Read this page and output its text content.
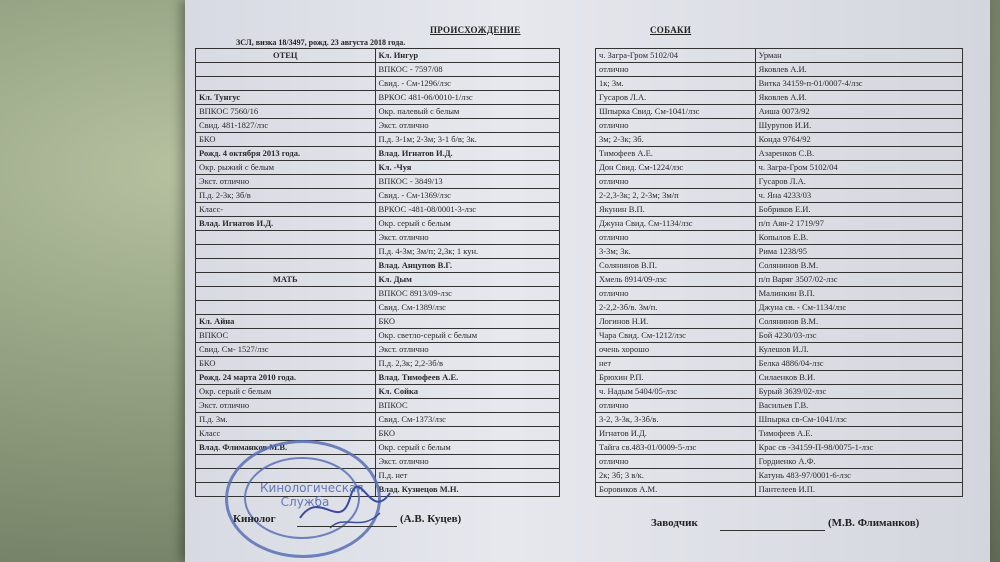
ПРОИСХОЖДЕНИЕ	СОБАКИ
ЗСЛ, визка 18/3497, рожд. 23 августа 2018 года.
ОТЕЦ	Кл. Ингур
	ВПКОС - 7597/08
	Свид. - См-1296/лзс
Кл. Тунгус	ВРКОС 481-06/0010-1/лзс
ВПКОС 7560/16	Окр. палевый с белым
Свид. 481-1827/лзс	Экст. отлично
БКО	П.д. 3-1м; 2-3м; 3-1 б/в; 3к.
Рожд. 4 октября 2013 года.	Влад. Игнатов И.Д.
Окр. рыжий с белым	Кл. -Чуя
Экст. отлично	ВПКОС - 3849/13
П.д. 2-3к; 3б/в	Свид. - См-1369/лзс
Класс-	ВРКОС -481-08/0001-3-лзс
Влад. Игнатов И.Д.	Окр. серый с белым
	Экст. отлично
	П.д. 4-3м; 3м/п; 2,3к; 1 кун.
	Влад. Анцупов В.Г.
МАТЬ	Кл. Дым
	ВПКОС 8913/09-лзс
	Свид. См-1389/лзс
Кл. Айна	БКО
ВПКОС	Окр. светло-серый с белым
Свид. См- 1527/лзс	Экст. отлично
БКО	П.д. 2,3к; 2,2-3б/в
Рожд. 24 марта 2010 года.	Влад. Тимофеев А.Е.
Окр. серый с белым	Кл. Сойка
Экст. отлично	ВПКОС
П.д. 3м.	Свид. См-1373/лзс
Класс	БКО
Влад. Флиманков М.В.	Окр. серый с белым
	Экст. отлично
	П.д. нет
	Влад. Кузнецов М.Н.
ч. Загра-Гром 5102/04	Урман
отлично	Яковлев А.И.
1к; 3м.	Витка 34159-п-01/0007-4/лзс
Гусаров Л.А.	Яковлев А.И.
Шпырка Свид. См-1041/лзс	Аиша 0073/92
отлично	Шурупов И.И.
3м; 2-3к; 3б.	Конда 9764/92
Тимофеев А.Е.	Азаренков С.В.
Дон Свид. См-1224/лзс	ч. Загра-Гром 5102/04
отлично	Гусаров Л.А.
2-2,3-3к; 2, 2-3м; 3м/п	ч. Яна 4233/03
Якунин В.П.	Бобриков Е.И.
Джуна Свид. См-1134/лзс	п/п Аян-2 1719/97
отлично	Копылов Е.В.
3-3м; 3к.	Рима 1238/95
Солянинов В.П.	Солянинов В.М.
Хмель 8914/09-лзс	п/п Варяг 3507/02-лзс
отлично	Малинкин В.П.
2-2,2-3б/в. 3м/п.	Джуна св. - См-1134/лзс
Логинов Н.И.	Солянинов В.М.
Чара Свид. См-1212/лзс	Бой 4230/03-лзс
очень хорошо	Кулешов И.Л.
нет	Белка 4886/04-лзс
Брюхин Р.П.	Силаенков В.И.
ч. Надым 5404/05-лзс	Бурый 3639/02-лзс
отлично	Васильев Г.В.
3-2, 3-3к, 3-3б/в.	Шпырка св-См-1041/лзс
Игнатов И.Д.	Тимофеев А.Е.
Тайга св.483-01/0009-5-лзс	Крас св -34159-П-98/0075-1-лзс
отлично	Гордиенко А.Ф.
2к; 3б; 3 в/к.	Катунь 483-97/0001-6-лзс
Боровиков А.М.	Пантелеев И.П.
Кинологическая
Служба
Кинолог	(А.В. Куцев)	Заводчик	(М.В. Флиманков)
